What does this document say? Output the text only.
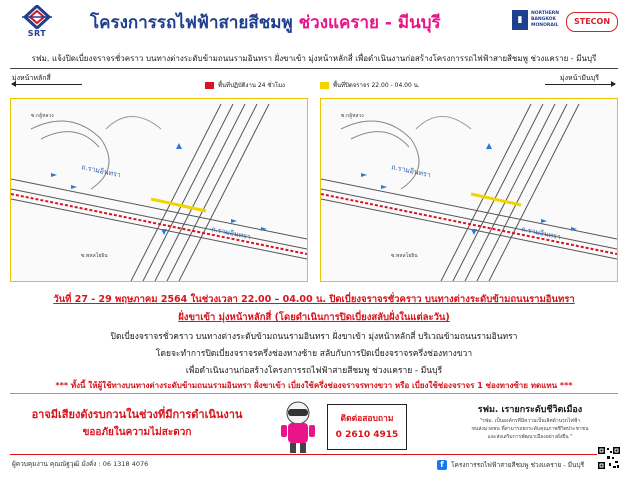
SRT
โครงการรถไฟฟ้าสายสีชมพู ช่วงแคราย - มีนบุรี	▮
NORTHERN BANGKOK MONORAIL	STECON
รฟม. แจ้งปิดเบี่ยงจราจรชั่วคราว บนทางต่างระดับข้ามถนนรามอินทรา ฝั่งขาเข้า มุ่งหน้าหลักสี่ เพื่อดำเนินงานก่อสร้างโครงการรถไฟฟ้าสายสีชมพู ช่วงแคราย - มีนบุรี
มุ่งหน้าหลักสี่	มุ่งหน้ามีนบุรี
พื้นที่ปฏิบัติงาน 24 ชั่วโมง	พื้นที่ปิดจราจร 22.00 - 04.00 น.
ถ.รามอินทรา
ถ.รามอินทรา
ซ.กลู้หลวง
ซ.พหลโยธิน
ถ.รามอินทรา
ถ.รามอินทรา
ซ.กลู้หลวง
ซ.พหลโยธิน
วันที่ 27 - 29 พฤษภาคม 2564 ในช่วงเวลา 22.00 – 04.00 น. ปิดเบี่ยงจราจรชั่วคราว บนทางต่างระดับข้ามถนนรามอินทรา
ฝั่งขาเข้า มุ่งหน้าหลักสี่ (โดยดำเนินการปิดเบี่ยงสลับฝั่งในแต่ละวัน)
ปิดเบี่ยงจราจรชั่วคราว บนทางต่างระดับข้ามถนนรามอินทรา ฝั่งขาเข้า มุ่งหน้าหลักสี่ บริเวณข้ามถนนรามอินทรา
โดยจะทำการปิดเบี่ยงจราจรครึ่งช่องทางซ้าย สลับกับการปิดเบี่ยงจราจรครึ่งช่องทางขวา
เพื่อดำเนินงานก่อสร้างโครงการรถไฟฟ้าสายสีชมพู ช่วงแคราย - มีนบุรี
*** ทั้งนี้ ให้ผู้ใช้ทางบนทางต่างระดับข้ามถนนรามอินทรา ฝั่งขาเข้า เบี่ยงใช้ครึ่งช่องจราจรทางขวา หรือ เบี่ยงใช้ช่องจราจร 1 ช่องทางซ้าย ทดแทน ***
อาจมีเสียงดังรบกวนในช่วงที่มีการดำเนินงาน
ขออภัยในความไม่สะดวก
ติดต่อสอบถาม
0 2610 4915
รฟม. เรายกระดับชีวิตเมือง
"รฟม. เป็นองค์กรที่มีความเป็นเลิศด้านรถไฟฟ้า
ขนส่งมวลชน ที่สามารถยกระดับคุณภาพชีวิตประชาชน
และส่งเสริมการพัฒนาเมืองอย่างยั่งยืน "
ผู้ควบคุมงาน คุณณัฐวุฒิ มั่งคั่ง : 06 1318 4076	f	โครงการรถไฟฟ้าสายสีชมพู ช่วงแคราย - มีนบุรี
